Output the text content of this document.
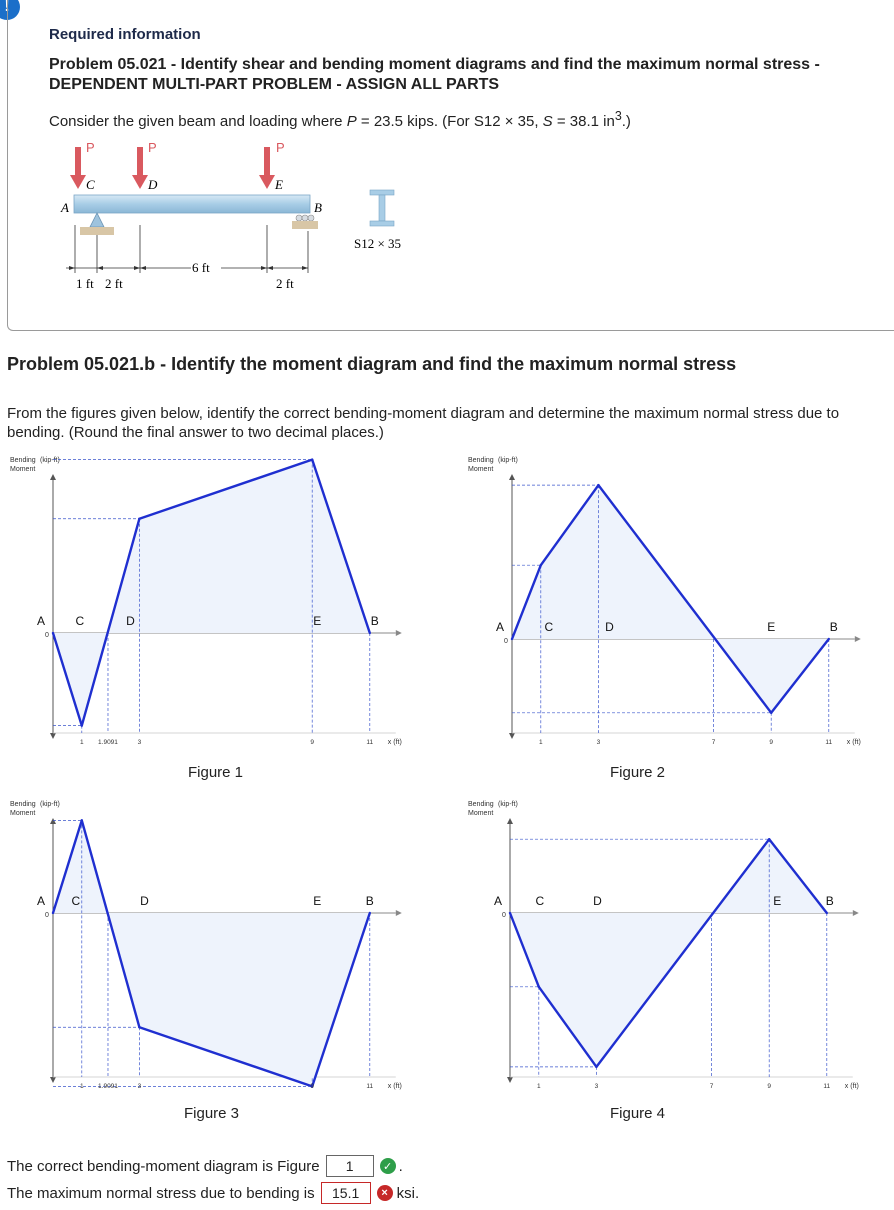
!
Required information
Problem 05.021 - Identify shear and bending moment diagrams and find the maximum normal stress - DEPENDENT MULTI-PART PROBLEM - ASSIGN ALL PARTS
Consider the given beam and loading where P = 23.5 kips. (For S12 × 35, S = 38.1 $in^3$.)
P	P	P
C	D	E
A	B
1 ft 2 ft
6 ft
2 ft
S12 × 35
Problem 05.021.b - Identify the moment diagram and find the maximum normal stress
From the figures given below, identify the correct bending-moment diagram and determine the maximum normal stress due to bending. (Round the final answer to two decimal places.)
Bending (kip-ft)
Moment
0
x (ft)
1 1.9091	3	9	11
A	C	D	E	B
Figure 1
Bending (kip-ft)
Moment
0
x (ft)
1	3	7	9	11
A	C	D	E	B
Figure 2
Bending (kip-ft)
Moment
0
x (ft)
1 1.9091	3	9	11
A C	D	E	B
Figure 3
Bending (kip-ft)
Moment
0
x (ft)
1	3	7	9	11
A	C	D	E	B
Figure 4
The correct bending-moment diagram is Figure	1	✓ .
The maximum normal stress due to bending is	15.1	× ksi.
